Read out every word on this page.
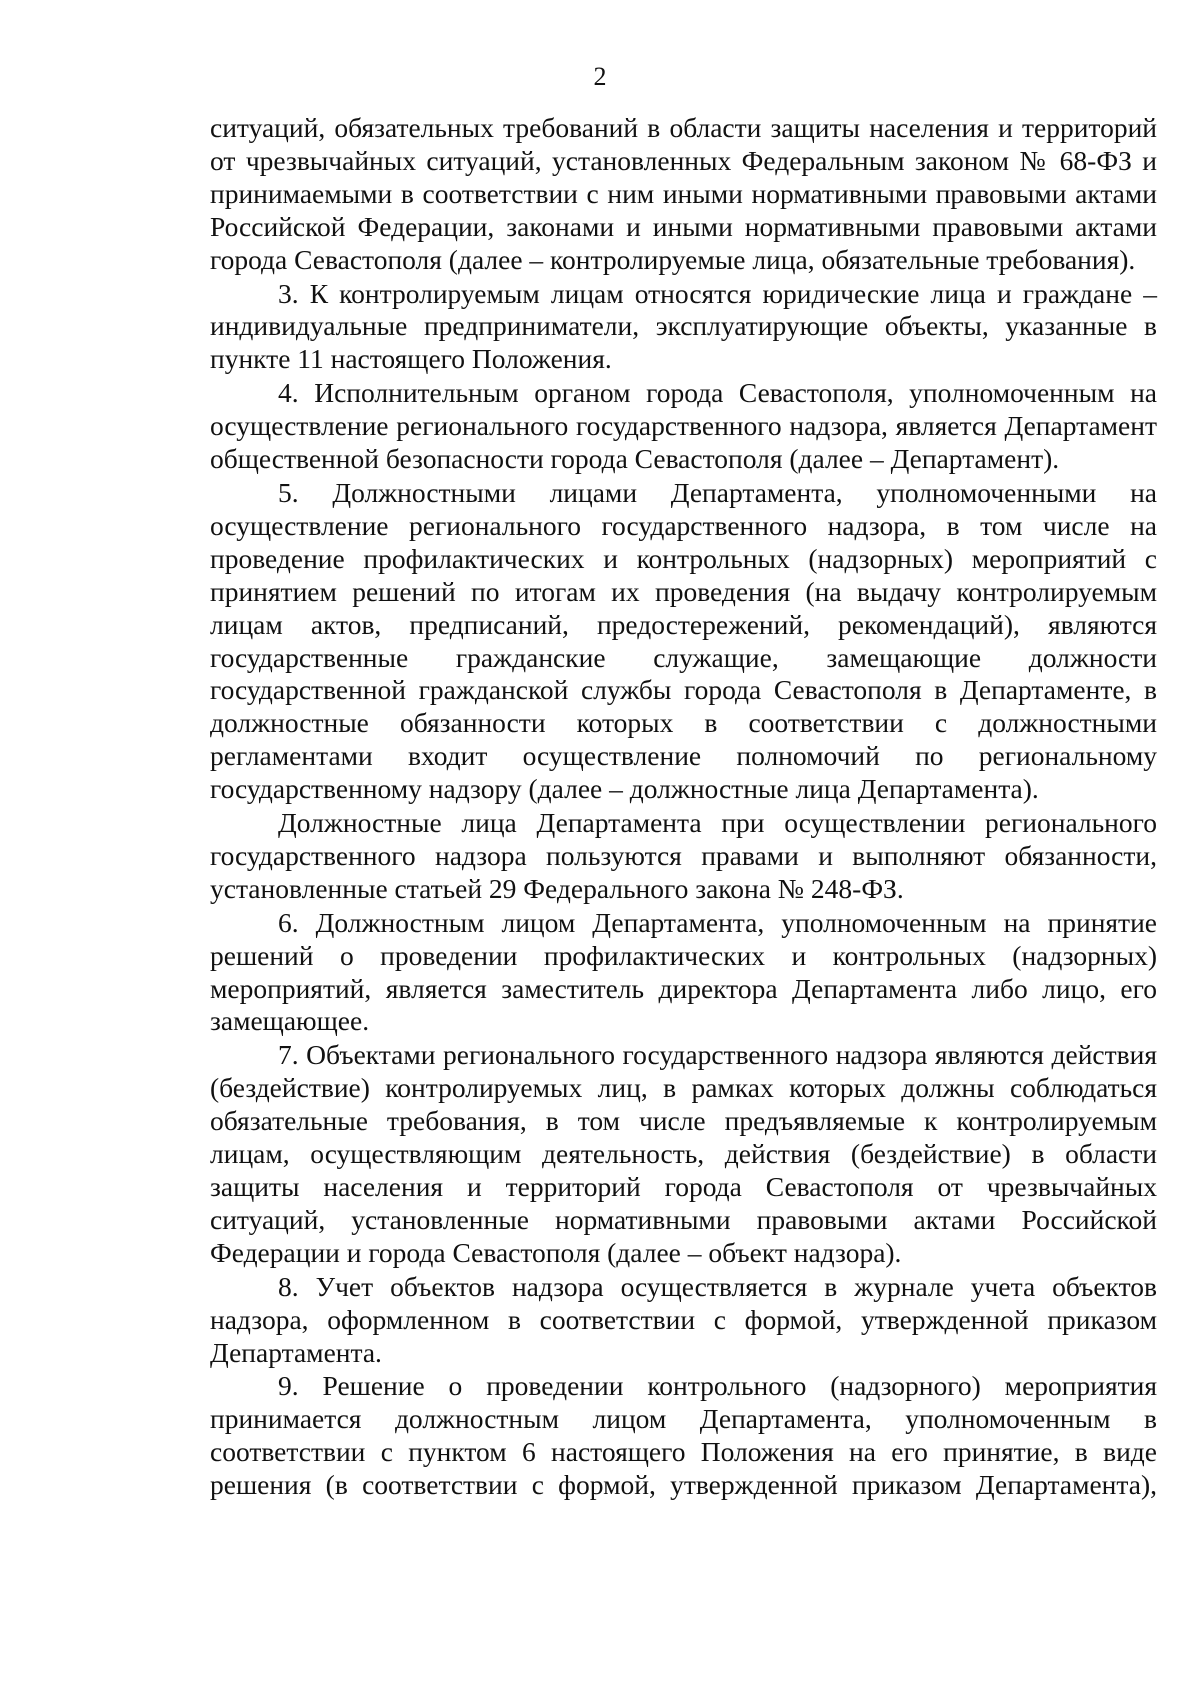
2

ситуаций, обязательных требований в области защиты населения и территорий от чрезвычайных ситуаций, установленных Федеральным законом № 68-ФЗ и принимаемыми в соответствии с ним иными нормативными правовыми актами Российской Федерации, законами и иными нормативными правовыми актами города Севастополя (далее – контролируемые лица, обязательные требования).

3. К контролируемым лицам относятся юридические лица и граждане – индивидуальные предприниматели, эксплуатирующие объекты, указанные в пункте 11 настоящего Положения.

4. Исполнительным органом города Севастополя, уполномоченным на осуществление регионального государственного надзора, является Департамент общественной безопасности города Севастополя (далее – Департамент).

5. Должностными лицами Департамента, уполномоченными на осуществление регионального государственного надзора, в том числе на проведение профилактических и контрольных (надзорных) мероприятий с принятием решений по итогам их проведения (на выдачу контролируемым лицам актов, предписаний, предостережений, рекомендаций), являются государственные гражданские служащие, замещающие должности государственной гражданской службы города Севастополя в Департаменте, в должностные обязанности которых в соответствии с должностными регламентами входит осуществление полномочий по региональному государственному надзору (далее – должностные лица Департамента).

Должностные лица Департамента при осуществлении регионального государственного надзора пользуются правами и выполняют обязанности, установленные статьей 29 Федерального закона № 248-ФЗ.

6. Должностным лицом Департамента, уполномоченным на принятие решений о проведении профилактических и контрольных (надзорных) мероприятий, является заместитель директора Департамента либо лицо, его замещающее.

7. Объектами регионального государственного надзора являются действия (бездействие) контролируемых лиц, в рамках которых должны соблюдаться обязательные требования, в том числе предъявляемые к контролируемым лицам, осуществляющим деятельность, действия (бездействие) в области защиты населения и территорий города Севастополя от чрезвычайных ситуаций, установленные нормативными правовыми актами Российской Федерации и города Севастополя (далее – объект надзора).

8. Учет объектов надзора осуществляется в журнале учета объектов надзора, оформленном в соответствии с формой, утвержденной приказом Департамента.

9. Решение о проведении контрольного (надзорного) мероприятия принимается должностным лицом Департамента, уполномоченным в соответствии с пунктом 6 настоящего Положения на его принятие, в виде решения (в соответствии с формой, утвержденной приказом Департамента),
